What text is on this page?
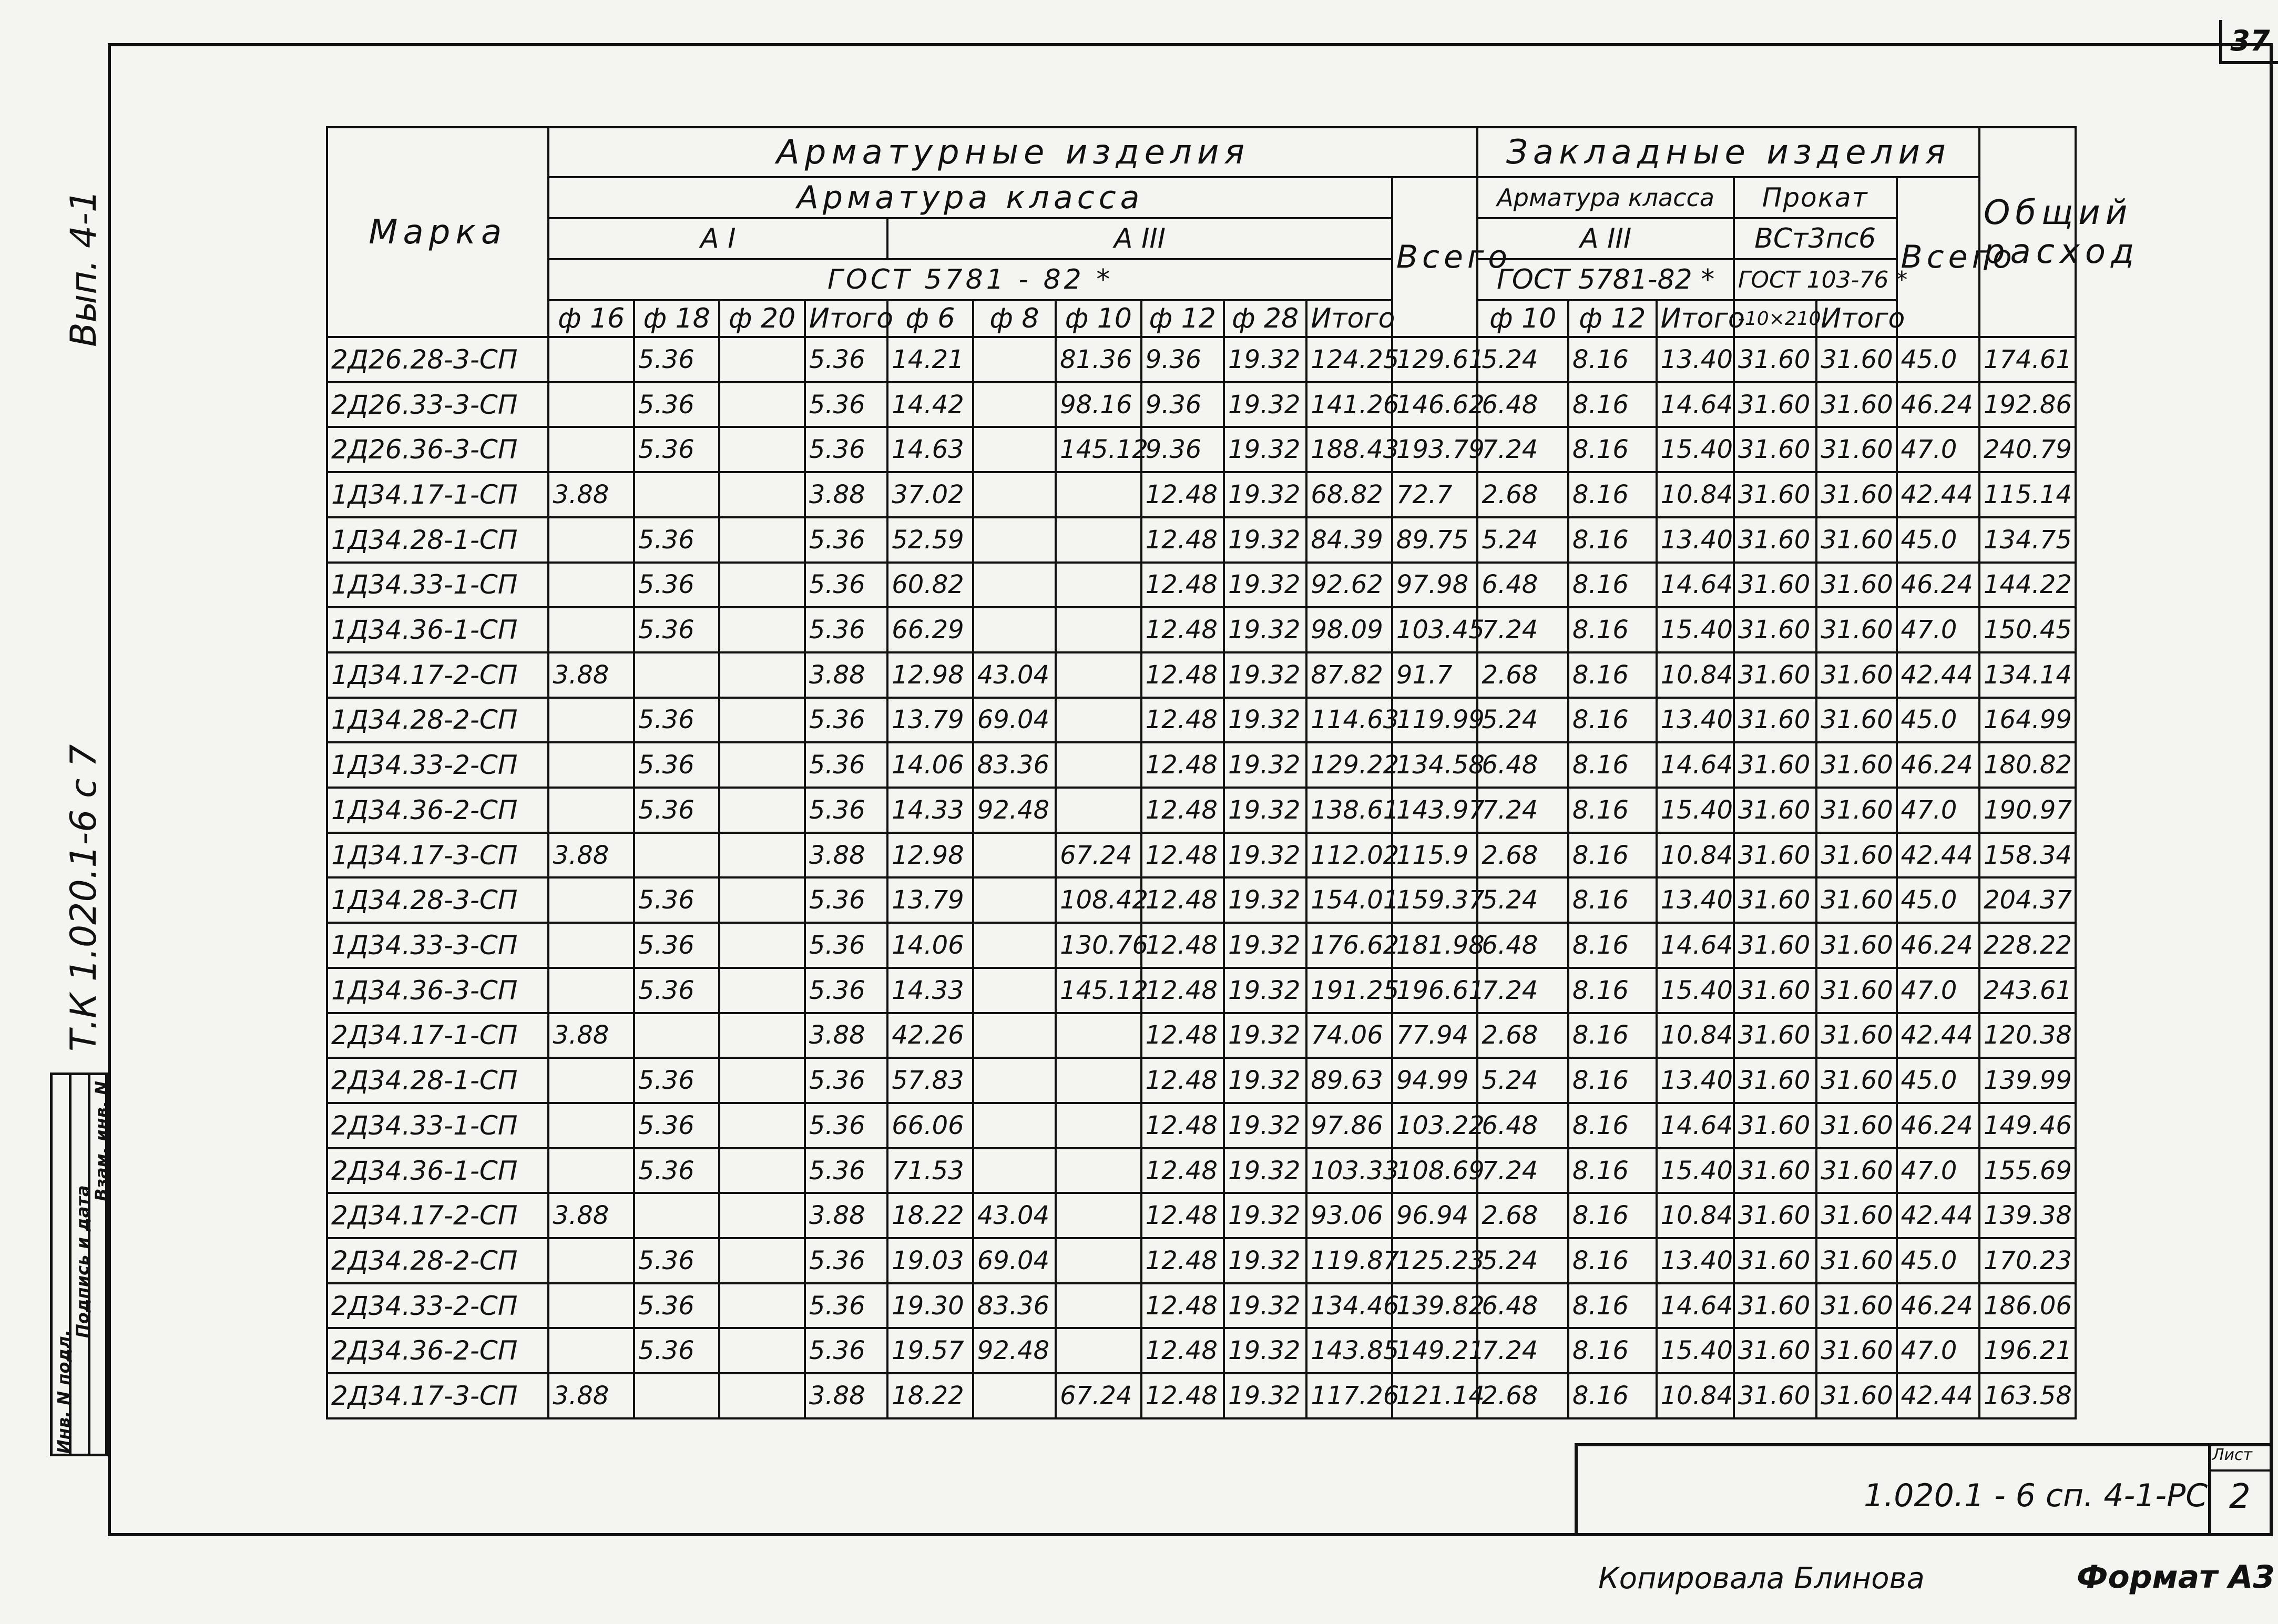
37
Вып. 4-1
Т.К 1.020.1-6 с 7
Инв. N подл.
Подпись и дата
Взам. инв. N
Марка	Арматурные изделия											Закладные изделия						Общий расход
	Арматура класса										Всего	Арматура класса			Прокат		Всего	
	А I				А III							А III			ВСт3пс6			
	ГОСТ 5781 - 82 *											ГОСТ 5781-82 *			ГОСТ 103-76 *			
	ф 16	ф 18	ф 20	Итого	ф 6	ф 8	ф 10	ф 12	ф 28	Итого		ф 10	ф 12	Итого	-10×210	Итого		
2Д26.28-3-СП		5.36		5.36	14.21		81.36	9.36	19.32	124.25	129.61	5.24	8.16	13.40	31.60	31.60	45.0	174.61
2Д26.33-3-СП		5.36		5.36	14.42		98.16	9.36	19.32	141.26	146.62	6.48	8.16	14.64	31.60	31.60	46.24	192.86
2Д26.36-3-СП		5.36		5.36	14.63		145.12	9.36	19.32	188.43	193.79	7.24	8.16	15.40	31.60	31.60	47.0	240.79
1Д34.17-1-СП	3.88			3.88	37.02			12.48	19.32	68.82	72.7	2.68	8.16	10.84	31.60	31.60	42.44	115.14
1Д34.28-1-СП		5.36		5.36	52.59			12.48	19.32	84.39	89.75	5.24	8.16	13.40	31.60	31.60	45.0	134.75
1Д34.33-1-СП		5.36		5.36	60.82			12.48	19.32	92.62	97.98	6.48	8.16	14.64	31.60	31.60	46.24	144.22
1Д34.36-1-СП		5.36		5.36	66.29			12.48	19.32	98.09	103.45	7.24	8.16	15.40	31.60	31.60	47.0	150.45
1Д34.17-2-СП	3.88			3.88	12.98	43.04		12.48	19.32	87.82	91.7	2.68	8.16	10.84	31.60	31.60	42.44	134.14
1Д34.28-2-СП		5.36		5.36	13.79	69.04		12.48	19.32	114.63	119.99	5.24	8.16	13.40	31.60	31.60	45.0	164.99
1Д34.33-2-СП		5.36		5.36	14.06	83.36		12.48	19.32	129.22	134.58	6.48	8.16	14.64	31.60	31.60	46.24	180.82
1Д34.36-2-СП		5.36		5.36	14.33	92.48		12.48	19.32	138.61	143.97	7.24	8.16	15.40	31.60	31.60	47.0	190.97
1Д34.17-3-СП	3.88			3.88	12.98		67.24	12.48	19.32	112.02	115.9	2.68	8.16	10.84	31.60	31.60	42.44	158.34
1Д34.28-3-СП		5.36		5.36	13.79		108.42	12.48	19.32	154.01	159.37	5.24	8.16	13.40	31.60	31.60	45.0	204.37
1Д34.33-3-СП		5.36		5.36	14.06		130.76	12.48	19.32	176.62	181.98	6.48	8.16	14.64	31.60	31.60	46.24	228.22
1Д34.36-3-СП		5.36		5.36	14.33		145.12	12.48	19.32	191.25	196.61	7.24	8.16	15.40	31.60	31.60	47.0	243.61
2Д34.17-1-СП	3.88			3.88	42.26			12.48	19.32	74.06	77.94	2.68	8.16	10.84	31.60	31.60	42.44	120.38
2Д34.28-1-СП		5.36		5.36	57.83			12.48	19.32	89.63	94.99	5.24	8.16	13.40	31.60	31.60	45.0	139.99
2Д34.33-1-СП		5.36		5.36	66.06			12.48	19.32	97.86	103.22	6.48	8.16	14.64	31.60	31.60	46.24	149.46
2Д34.36-1-СП		5.36		5.36	71.53			12.48	19.32	103.33	108.69	7.24	8.16	15.40	31.60	31.60	47.0	155.69
2Д34.17-2-СП	3.88			3.88	18.22	43.04		12.48	19.32	93.06	96.94	2.68	8.16	10.84	31.60	31.60	42.44	139.38
2Д34.28-2-СП		5.36		5.36	19.03	69.04		12.48	19.32	119.87	125.23	5.24	8.16	13.40	31.60	31.60	45.0	170.23
2Д34.33-2-СП		5.36		5.36	19.30	83.36		12.48	19.32	134.46	139.82	6.48	8.16	14.64	31.60	31.60	46.24	186.06
2Д34.36-2-СП		5.36		5.36	19.57	92.48		12.48	19.32	143.85	149.21	7.24	8.16	15.40	31.60	31.60	47.0	196.21
2Д34.17-3-СП	3.88			3.88	18.22		67.24	12.48	19.32	117.26	121.14	2.68	8.16	10.84	31.60	31.60	42.44	163.58
1.020.1 - 6 сп. 4-1-РС
Лист
2
Копировала Блинова	Формат А3
